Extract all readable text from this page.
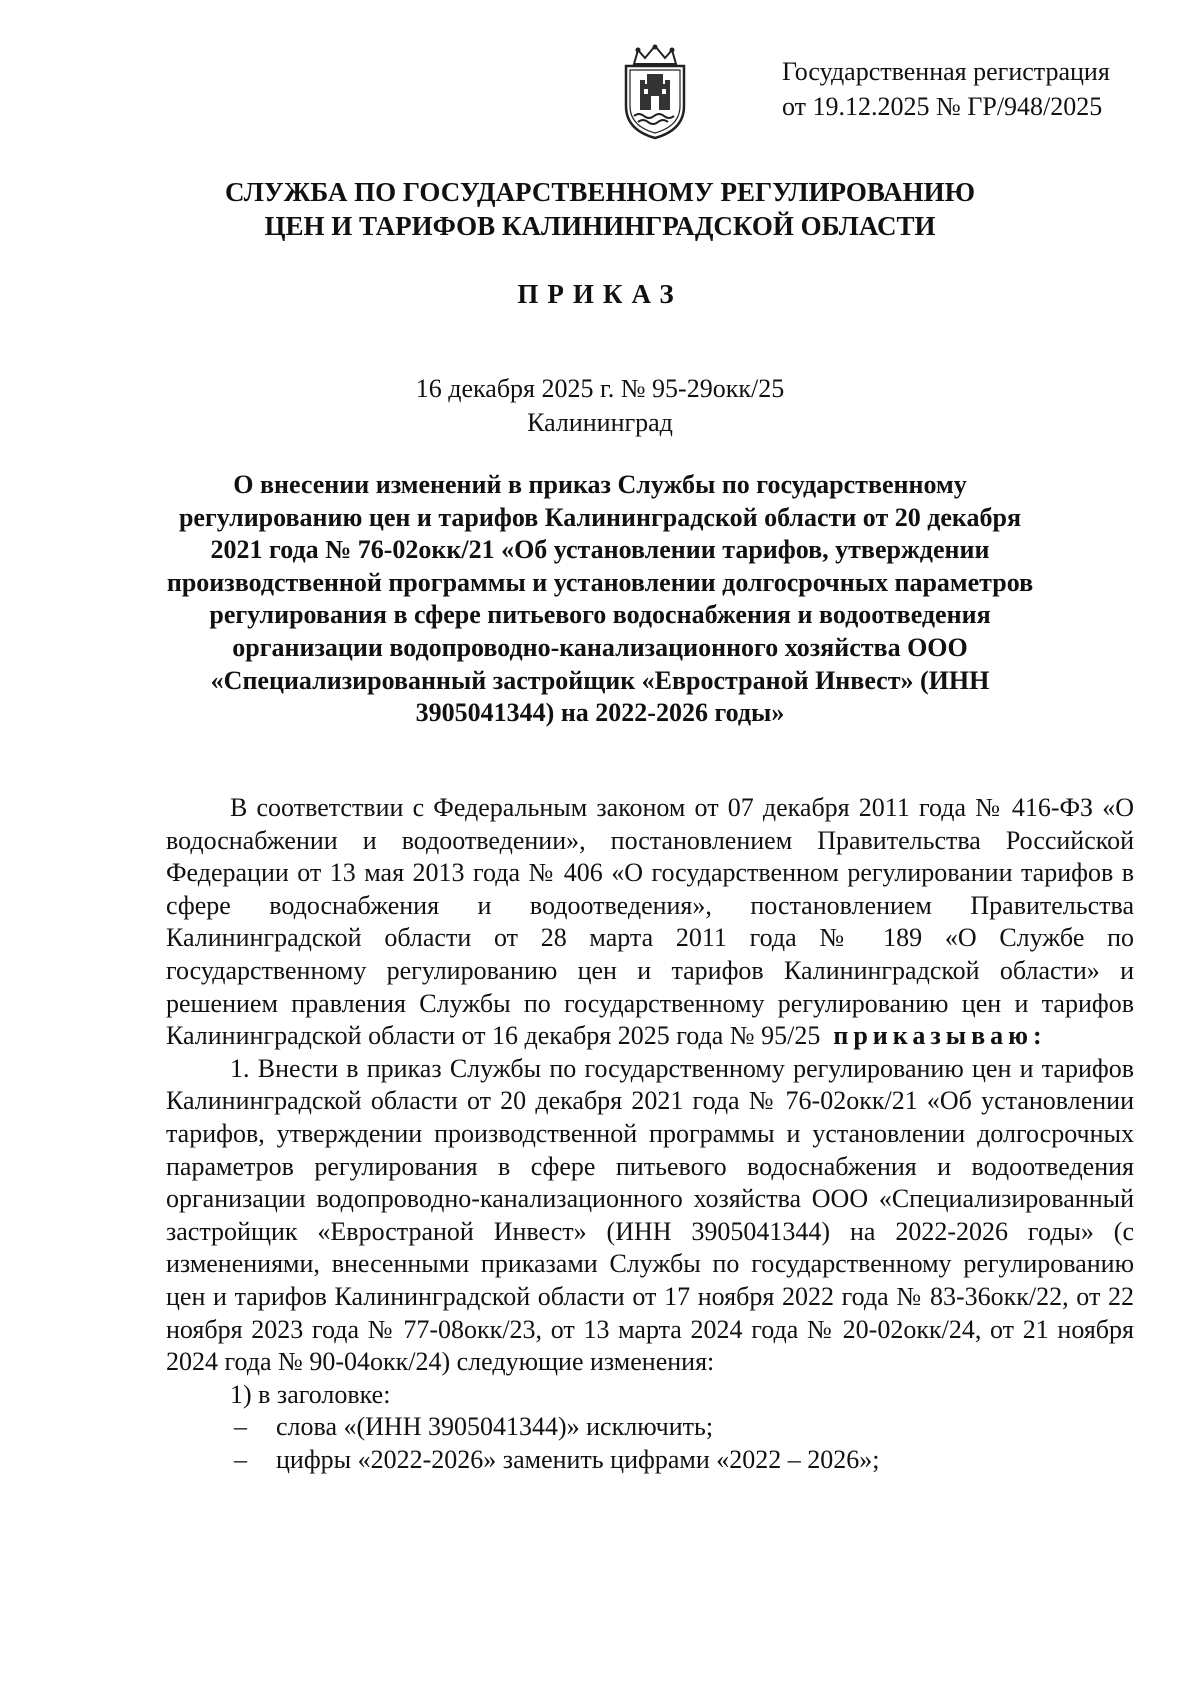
Государственная регистрация
от 19.12.2025 № ГР/948/2025
СЛУЖБА ПО ГОСУДАРСТВЕННОМУ РЕГУЛИРОВАНИЮ
ЦЕН И ТАРИФОВ КАЛИНИНГРАДСКОЙ ОБЛАСТИ
ПРИКАЗ
16 декабря 2025 г. № 95-29окк/25
Калининград
О внесении изменений в приказ Службы по государственному регулированию цен и тарифов Калининградской области от 20 декабря 2021 года № 76-02окк/21 «Об установлении тарифов, утверждении производственной программы и установлении долгосрочных параметров регулирования в сфере питьевого водоснабжения и водоотведения организации водопроводно-канализационного хозяйства ООО «Специализированный застройщик «Евространой Инвест» (ИНН 3905041344) на 2022-2026 годы»

В соответствии с Федеральным законом от 07 декабря 2011 года № 416-ФЗ «О водоснабжении и водоотведении», постановлением Правительства Российской Федерации от 13 мая 2013 года № 406 «О государственном регулировании тарифов в сфере водоснабжения и водоотведения», постановлением Правительства Калининградской области от 28 марта 2011 года № 189 «О Службе по государственному регулированию цен и тарифов Калининградской области» и решением правления Службы по государственному регулированию цен и тарифов Калининградской области от 16 декабря 2025 года № 95/25 приказываю:

1. Внести в приказ Службы по государственному регулированию цен и тарифов Калининградской области от 20 декабря 2021 года № 76-02окк/21 «Об установлении тарифов, утверждении производственной программы и установлении долгосрочных параметров регулирования в сфере питьевого водоснабжения и водоотведения организации водопроводно-канализационного хозяйства ООО «Специализированный застройщик «Евространой Инвест» (ИНН 3905041344) на 2022-2026 годы» (с изменениями, внесенными приказами Службы по государственному регулированию цен и тарифов Калининградской области от 17 ноября 2022 года № 83-36окк/22, от 22 ноября 2023 года № 77-08окк/23, от 13 марта 2024 года № 20-02окк/24, от 21 ноября 2024 года № 90-04окк/24) следующие изменения:

1) в заголовке:
– слова «(ИНН 3905041344)» исключить;
– цифры «2022-2026» заменить цифрами «2022 – 2026»;
